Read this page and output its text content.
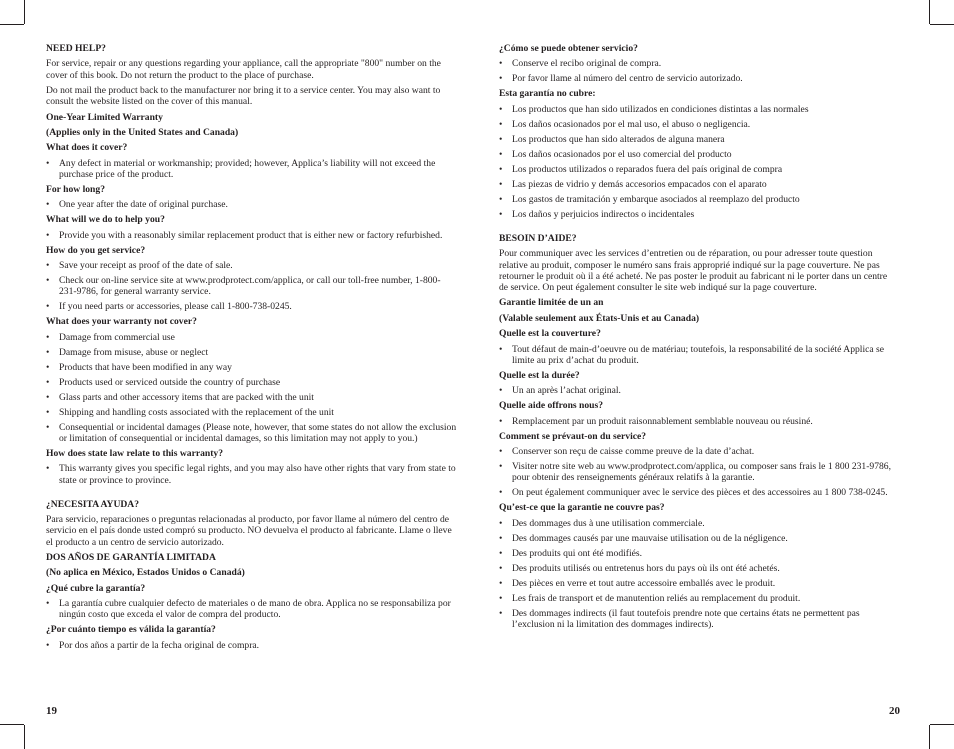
NEED HELP?
For service, repair or any questions regarding your appliance, call the appropriate "800" number on the cover of this book. Do not return the product to the place of purchase.
Do not mail the product back to the manufacturer nor bring it to a service center. You may also want to consult the website listed on the cover of this manual.
One-Year Limited Warranty
(Applies only in the United States and Canada)
What does it cover?
• Any defect in material or workmanship; provided; however, Applica’s liability will not exceed the purchase price of the product.
For how long?
• One year after the date of original purchase.
What will we do to help you?
• Provide you with a reasonably similar replacement product that is either new or factory refurbished.
How do you get service?
• Save your receipt as proof of the date of sale.
• Check our on-line service site at www.prodprotect.com/applica, or call our toll-free number, 1-800-231-9786, for general warranty service.
• If you need parts or accessories, please call 1-800-738-0245.
What does your warranty not cover?
• Damage from commercial use
• Damage from misuse, abuse or neglect
• Products that have been modified in any way
• Products used or serviced outside the country of purchase
• Glass parts and other accessory items that are packed with the unit
• Shipping and handling costs associated with the replacement of the unit
• Consequential or incidental damages (Please note, however, that some states do not allow the exclusion or limitation of consequential or incidental damages, so this limitation may not apply to you.)
How does state law relate to this warranty?
• This warranty gives you specific legal rights, and you may also have other rights that vary from state to state or province to province.
¿NECESITA AYUDA?
Para servicio, reparaciones o preguntas relacionadas al producto, por favor llame al número del centro de servicio en el país donde usted compró su producto. NO devuelva el producto al fabricante. Llame o lleve el producto a un centro de servicio autorizado.
DOS AÑOS DE GARANTÍA LIMITADA
(No aplica en México, Estados Unidos o Canadá)
¿Qué cubre la garantía?
• La garantía cubre cualquier defecto de materiales o de mano de obra. Applica no se responsabiliza por ningún costo que exceda el valor de compra del producto.
¿Por cuánto tiempo es válida la garantía?
• Por dos años a partir de la fecha original de compra.
¿Cómo se puede obtener servicio?
• Conserve el recibo original de compra.
• Por favor llame al número del centro de servicio autorizado.
Esta garantía no cubre:
• Los productos que han sido utilizados en condiciones distintas a las normales
• Los daños ocasionados por el mal uso, el abuso o negligencia.
• Los productos que han sido alterados de alguna manera
• Los daños ocasionados por el uso comercial del producto
• Los productos utilizados o reparados fuera del país original de compra
• Las piezas de vidrio y demás accesorios empacados con el aparato
• Los gastos de tramitación y embarque asociados al reemplazo del producto
• Los daños y perjuicios indirectos o incidentales
BESOIN D’AIDE?
Pour communiquer avec les services d’entretien ou de réparation, ou pour adresser toute question relative au produit, composer le numéro sans frais approprié indiqué sur la page couverture. Ne pas retourner le produit où il a été acheté. Ne pas poster le produit au fabricant ni le porter dans un centre de service. On peut également consulter le site web indiqué sur la page couverture.
Garantie limitée de un an
(Valable seulement aux États-Unis et au Canada)
Quelle est la couverture?
• Tout défaut de main-d’oeuvre ou de matériau; toutefois, la responsabilité de la société Applica se limite au prix d’achat du produit.
Quelle est la durée?
• Un an après l’achat original.
Quelle aide offrons nous?
• Remplacement par un produit raisonnablement semblable nouveau ou réusiné.
Comment se prévaut-on du service?
• Conserver son reçu de caisse comme preuve de la date d’achat.
• Visiter notre site web au www.prodprotect.com/applica, ou composer sans frais le 1 800 231-9786, pour obtenir des renseignements généraux relatifs à la garantie.
• On peut également communiquer avec le service des pièces et des accessoires au 1 800 738-0245.
Qu’est-ce que la garantie ne couvre pas?
• Des dommages dus à une utilisation commerciale.
• Des dommages causés par une mauvaise utilisation ou de la négligence.
• Des produits qui ont été modifiés.
• Des produits utilisés ou entretenus hors du pays où ils ont été achetés.
• Des pièces en verre et tout autre accessoire emballés avec le produit.
• Les frais de transport et de manutention reliés au remplacement du produit.
• Des dommages indirects (il faut toutefois prendre note que certains états ne permettent pas l’exclusion ni la limitation des dommages indirects).
19	20
